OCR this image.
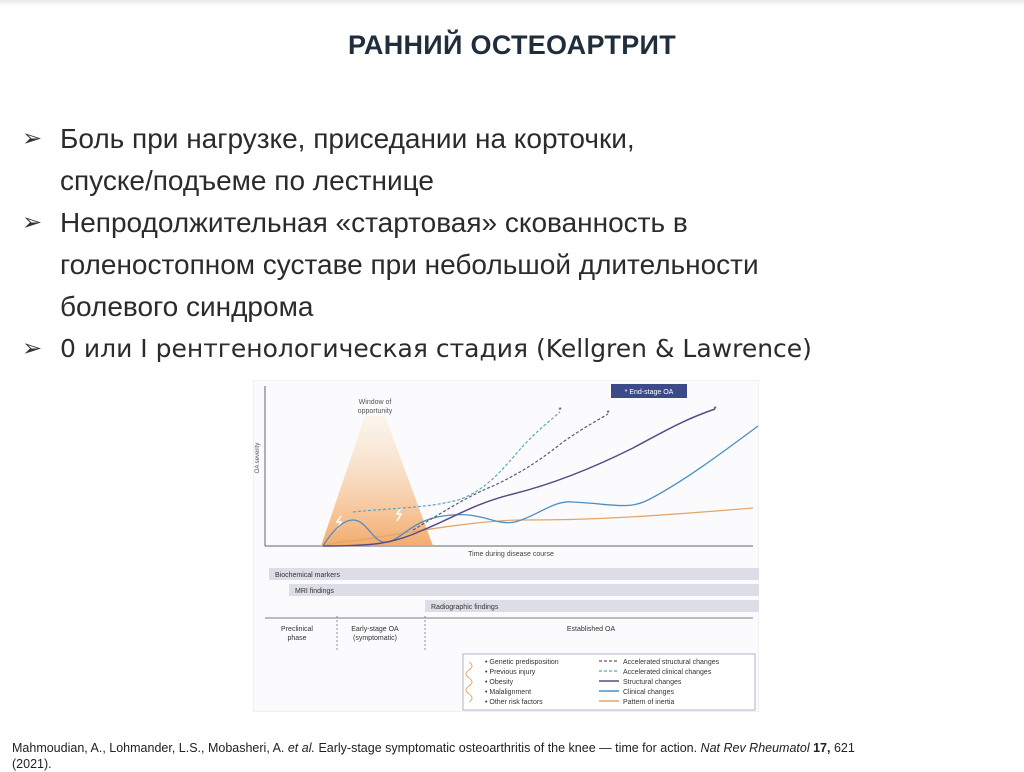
РАННИЙ ОСТЕОАРТРИТ
➢ Боль при нагрузке, приседании на корточки,
спуске/подъеме по лестнице
➢ Непродолжительная «стартовая» скованность в
голеностопном суставе при небольшой длительности
болевого синдрома
➢ 0 или I рентгенологическая стадия (Kellgren & Lawrence)
OA severity
Time during disease course
Window of
opportunity	*	*	*
* End-stage OA
Biochemical markers
MRI findings
Radiographic findings
Preclinical
phase
Early-stage OA
(symptomatic)
Established OA
• Genetic predisposition
• Previous injury
• Obesity
• Malalignment
• Other risk factors
Accelerated structural changes
Accelerated clinical changes
Structural changes
Clinical changes
Pattern of inertia
Mahmoudian, A., Lohmander, L.S., Mobasheri, A. et al. Early-stage symptomatic osteoarthritis of the knee — time for action. Nat Rev Rheumatol 17, 621
(2021).
